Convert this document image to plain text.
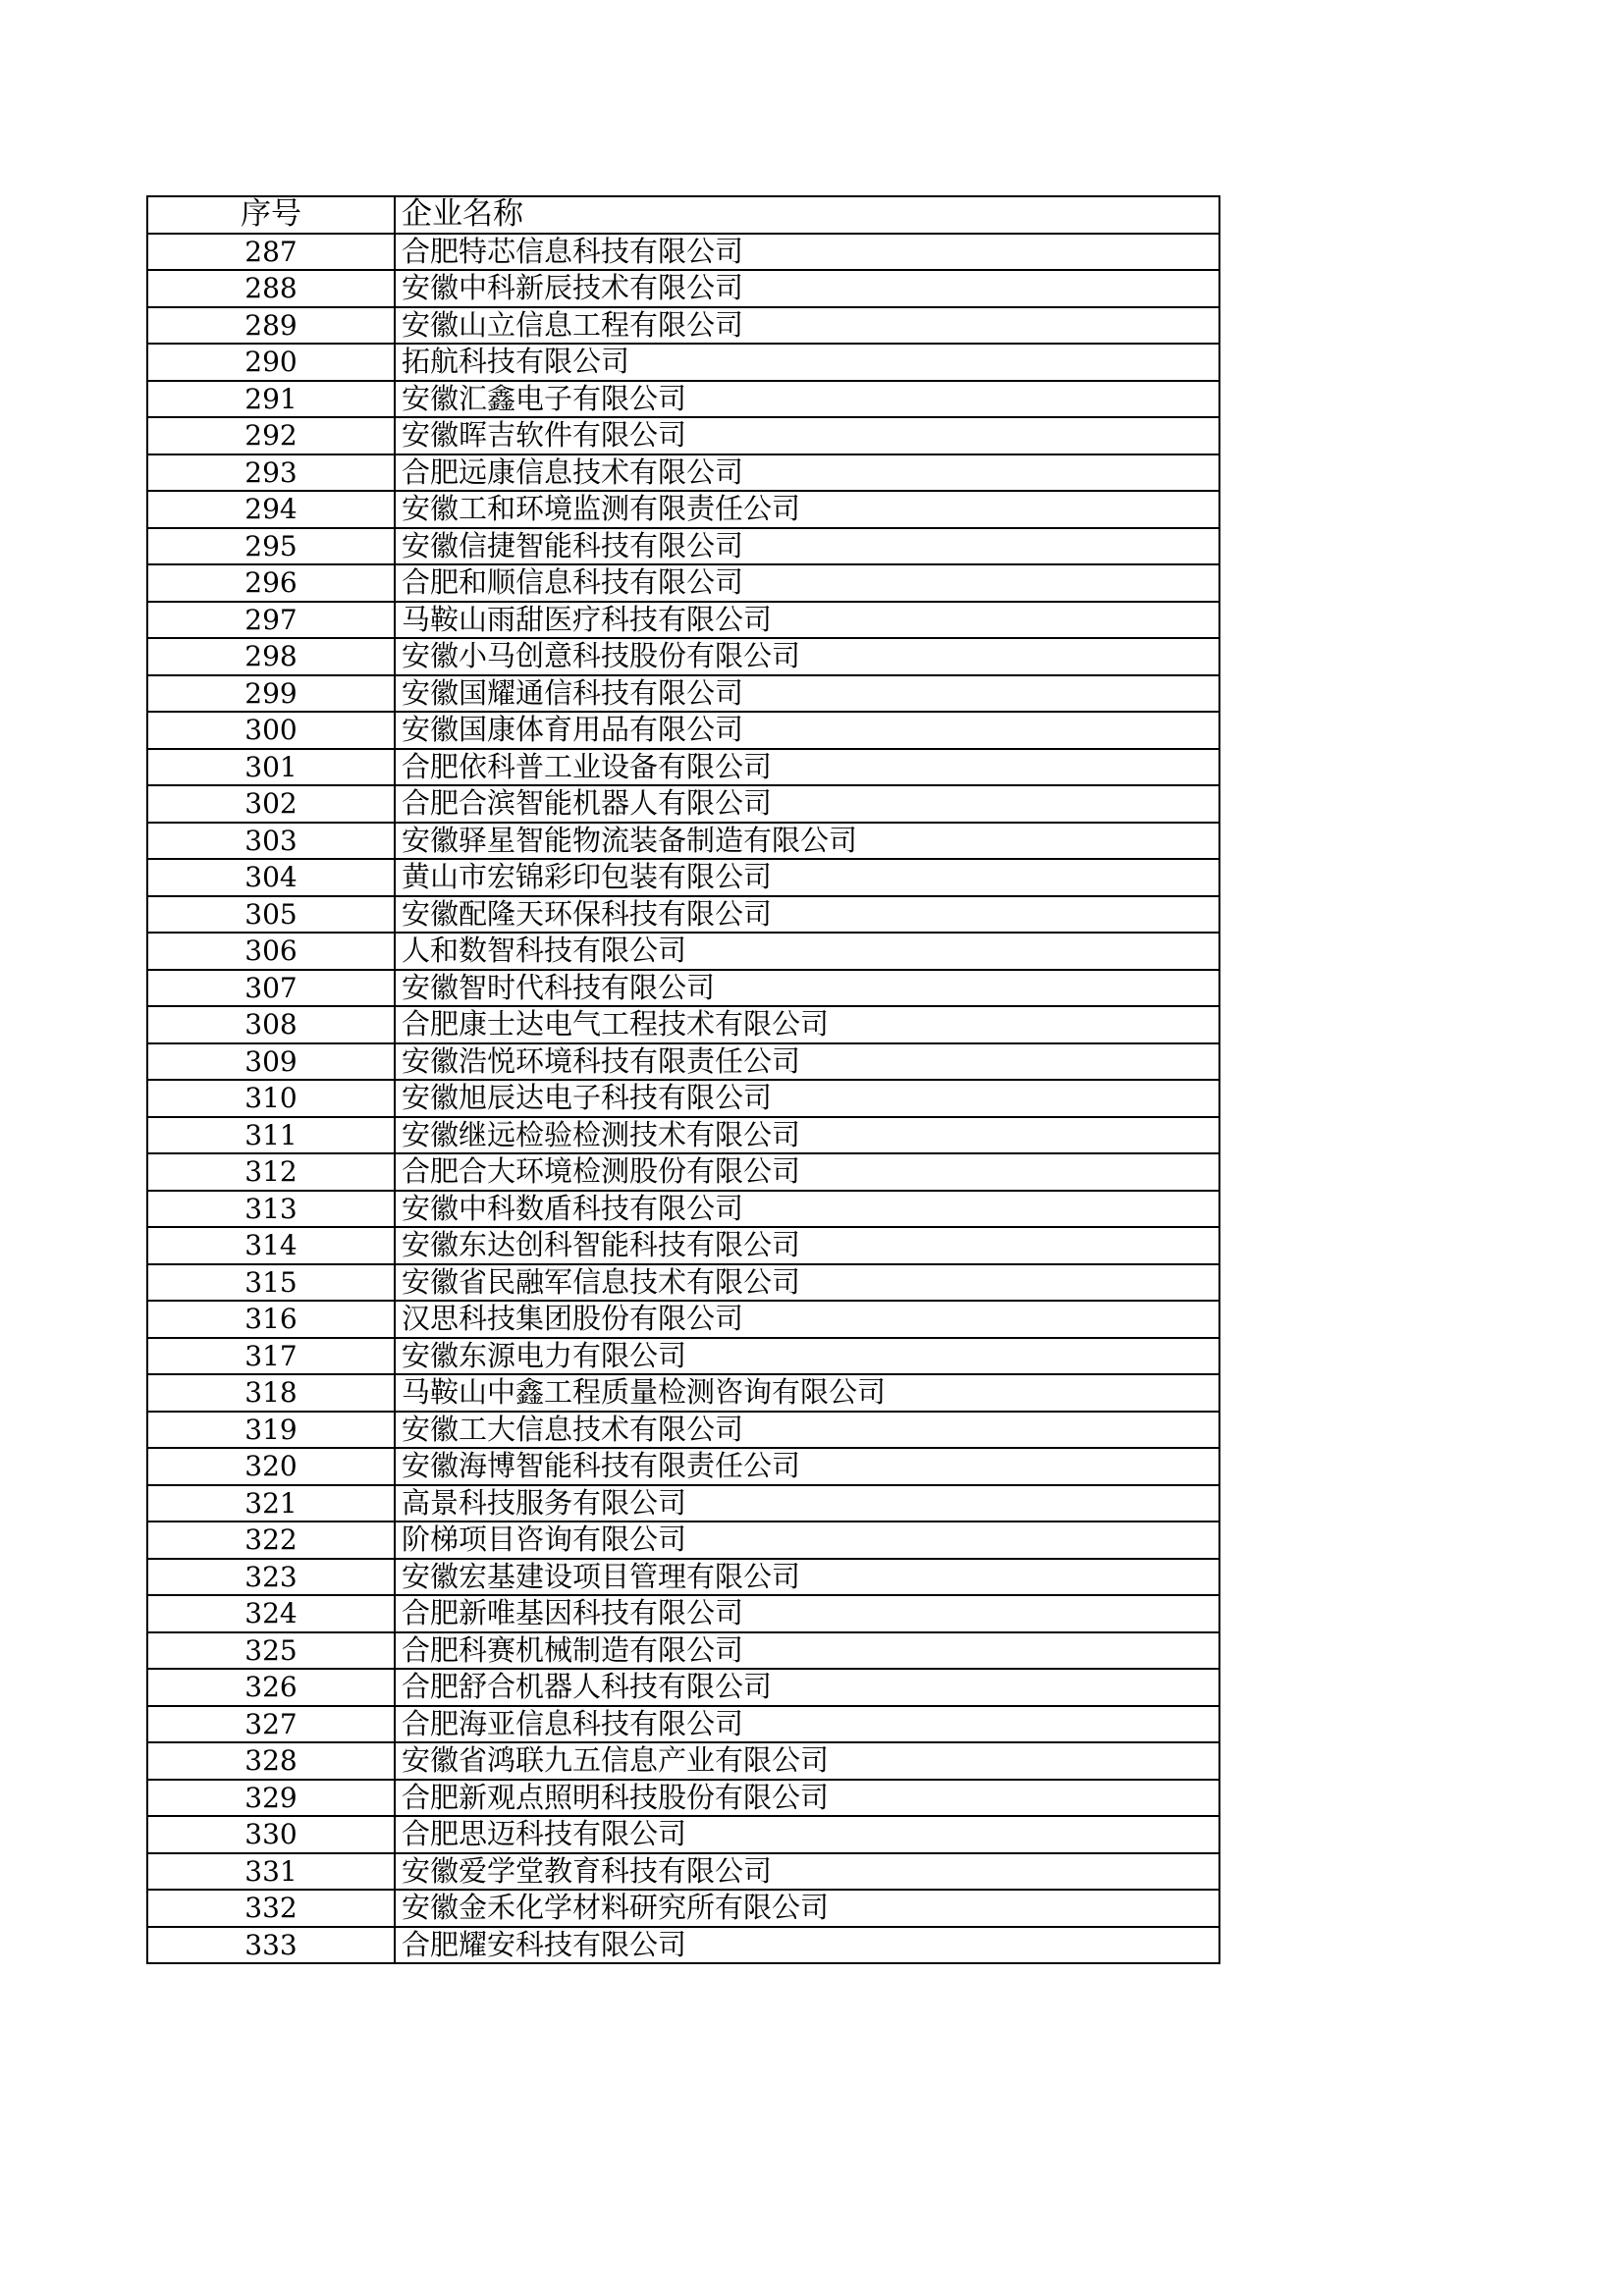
序号	企业名称
287	合肥特芯信息科技有限公司
288	安徽中科新辰技术有限公司
289	安徽山立信息工程有限公司
290	拓航科技有限公司
291	安徽汇鑫电子有限公司
292	安徽晖吉软件有限公司
293	合肥远康信息技术有限公司
294	安徽工和环境监测有限责任公司
295	安徽信捷智能科技有限公司
296	合肥和顺信息科技有限公司
297	马鞍山雨甜医疗科技有限公司
298	安徽小马创意科技股份有限公司
299	安徽国耀通信科技有限公司
300	安徽国康体育用品有限公司
301	合肥依科普工业设备有限公司
302	合肥合滨智能机器人有限公司
303	安徽驿星智能物流装备制造有限公司
304	黄山市宏锦彩印包装有限公司
305	安徽配隆天环保科技有限公司
306	人和数智科技有限公司
307	安徽智时代科技有限公司
308	合肥康士达电气工程技术有限公司
309	安徽浩悦环境科技有限责任公司
310	安徽旭辰达电子科技有限公司
311	安徽继远检验检测技术有限公司
312	合肥合大环境检测股份有限公司
313	安徽中科数盾科技有限公司
314	安徽东达创科智能科技有限公司
315	安徽省民融军信息技术有限公司
316	汉思科技集团股份有限公司
317	安徽东源电力有限公司
318	马鞍山中鑫工程质量检测咨询有限公司
319	安徽工大信息技术有限公司
320	安徽海博智能科技有限责任公司
321	高景科技服务有限公司
322	阶梯项目咨询有限公司
323	安徽宏基建设项目管理有限公司
324	合肥新唯基因科技有限公司
325	合肥科赛机械制造有限公司
326	合肥舒合机器人科技有限公司
327	合肥海亚信息科技有限公司
328	安徽省鸿联九五信息产业有限公司
329	合肥新观点照明科技股份有限公司
330	合肥思迈科技有限公司
331	安徽爱学堂教育科技有限公司
332	安徽金禾化学材料研究所有限公司
333	合肥耀安科技有限公司
